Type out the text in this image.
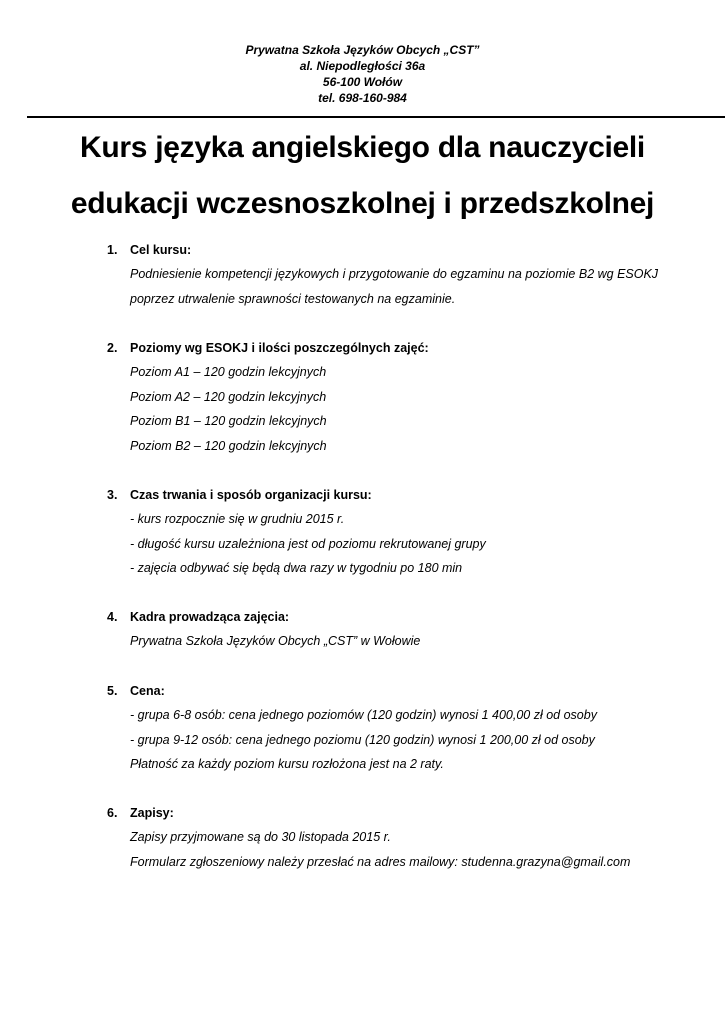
Prywatna Szkoła Języków Obcych „CST”
al. Niepodległości 36a
56-100 Wołów
tel. 698-160-984
Kurs języka angielskiego dla nauczycieli
edukacji wczesnoszkolnej i przedszkolnej
1.	Cel kursu:
Podniesienie kompetencji językowych i przygotowanie do egzaminu na poziomie B2 wg ESOKJ
poprzez utrwalenie sprawności testowanych na egzaminie.
2.	Poziomy wg ESOKJ i ilości poszczególnych zajęć:
Poziom A1 – 120 godzin lekcyjnych
Poziom A2 – 120 godzin lekcyjnych
Poziom B1 – 120 godzin lekcyjnych
Poziom B2 – 120 godzin lekcyjnych
3.	Czas trwania i sposób organizacji kursu:
- kurs rozpocznie się w grudniu 2015 r.
- długość kursu uzależniona jest od poziomu rekrutowanej grupy
- zajęcia odbywać się będą dwa razy w tygodniu po 180 min
4.	Kadra prowadząca zajęcia:
Prywatna Szkoła Języków Obcych „CST” w Wołowie
5.	Cena:
- grupa 6-8 osób: cena jednego poziomów (120 godzin) wynosi 1 400,00 zł od osoby
- grupa 9-12 osób: cena jednego poziomu (120 godzin) wynosi 1 200,00 zł od osoby
Płatność za każdy poziom kursu rozłożona jest na 2 raty.
6.	Zapisy:
Zapisy przyjmowane są do 30 listopada 2015 r.
Formularz zgłoszeniowy należy przesłać na adres mailowy: studenna.grazyna@gmail.com
